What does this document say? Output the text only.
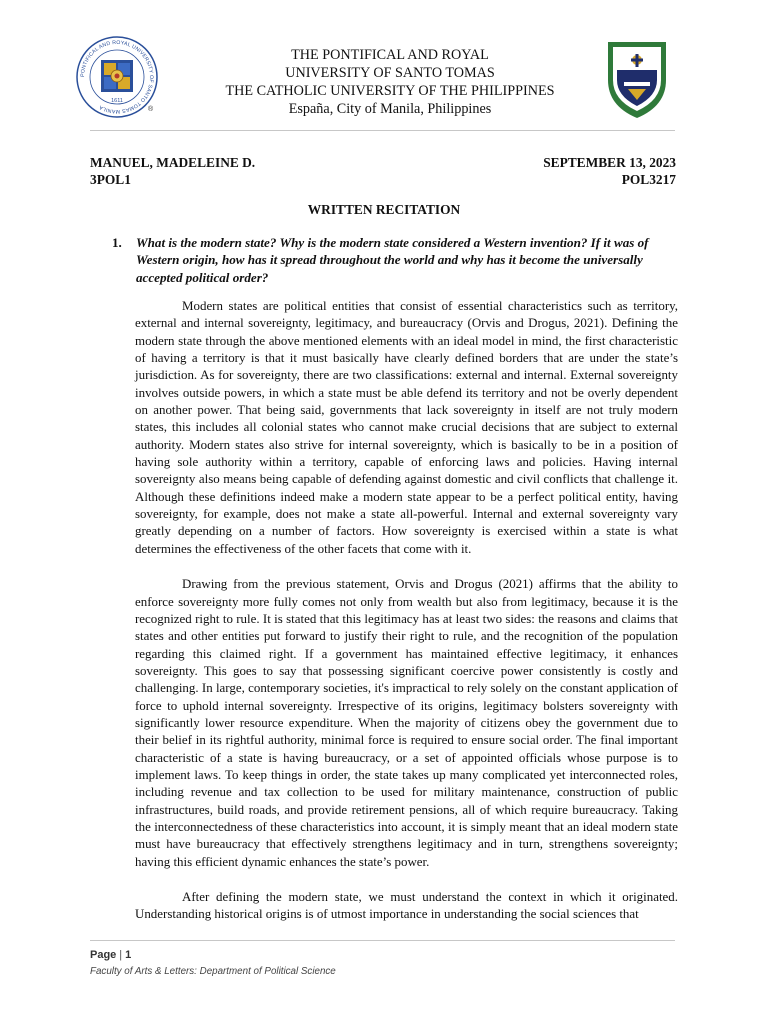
PONTIFICAL AND ROYAL UNIVERSITY OF SANTO TOMAS MANILA
1611
®
THE PONTIFICAL AND ROYAL
UNIVERSITY OF SANTO TOMAS
THE CATHOLIC UNIVERSITY OF THE PHILIPPINES
España, City of Manila, Philippines
MANUEL, MADELEINE D.
3POL1
SEPTEMBER 13, 2023
POL3217
WRITTEN RECITATION
1. What is the modern state? Why is the modern state considered a Western invention? If it was of Western origin, how has it spread throughout the world and why has it become the universally accepted political order?

Modern states are political entities that consist of essential characteristics such as territory, external and internal sovereignty, legitimacy, and bureaucracy (Orvis and Drogus, 2021). Defining the modern state through the above mentioned elements with an ideal model in mind, the first characteristic of having a territory is that it must basically have clearly defined borders that are under the state’s jurisdiction. As for sovereignty, there are two classifications: external and internal. External sovereignty involves outside powers, in which a state must be able defend its territory and not be overly dependent on another power. That being said, governments that lack sovereignty in itself are not truly modern states, this includes all colonial states who cannot make crucial decisions that are subject to external authority. Modern states also strive for internal sovereignty, which is basically to be in a position of having sole authority within a territory, capable of enforcing laws and policies. Having internal sovereignty also means being capable of defending against domestic and civil conflicts that challenge it. Although these definitions indeed make a modern state appear to be a perfect political entity, having sovereignty, for example, does not make a state all-powerful. Internal and external sovereignty vary greatly depending on a number of factors. How sovereignty is exercised within a state is what determines the effectiveness of the other facets that come with it.

Drawing from the previous statement, Orvis and Drogus (2021) affirms that the ability to enforce sovereignty more fully comes not only from wealth but also from legitimacy, because it is the recognized right to rule. It is stated that this legitimacy has at least two sides: the reasons and claims that states and other entities put forward to justify their right to rule, and the recognition of the population regarding this claimed right. If a government has maintained effective legitimacy, it enhances sovereignty. This goes to say that possessing significant coercive power consistently is costly and challenging. In large, contemporary societies, it's impractical to rely solely on the constant application of force to uphold internal sovereignty. Irrespective of its origins, legitimacy bolsters sovereignty with significantly lower resource expenditure. When the majority of citizens obey the government due to their belief in its rightful authority, minimal force is required to ensure social order. The final important characteristic of a state is having bureaucracy, or a set of appointed officials whose purpose is to implement laws. To keep things in order, the state takes up many complicated yet interconnected roles, including revenue and tax collection to be used for military maintenance, construction of public infrastructures, build roads, and provide retirement pensions, all of which require bureaucracy. Taking the interconnectedness of these characteristics into account, it is simply meant that an ideal modern state must have bureaucracy that effectively strengthens legitimacy and in turn, strengthens sovereignty; having this efficient dynamic enhances the state’s power.

After defining the modern state, we must understand the context in which it originated. Understanding historical origins is of utmost importance in understanding the social sciences that

Page | 1
Faculty of Arts & Letters: Department of Political Science
